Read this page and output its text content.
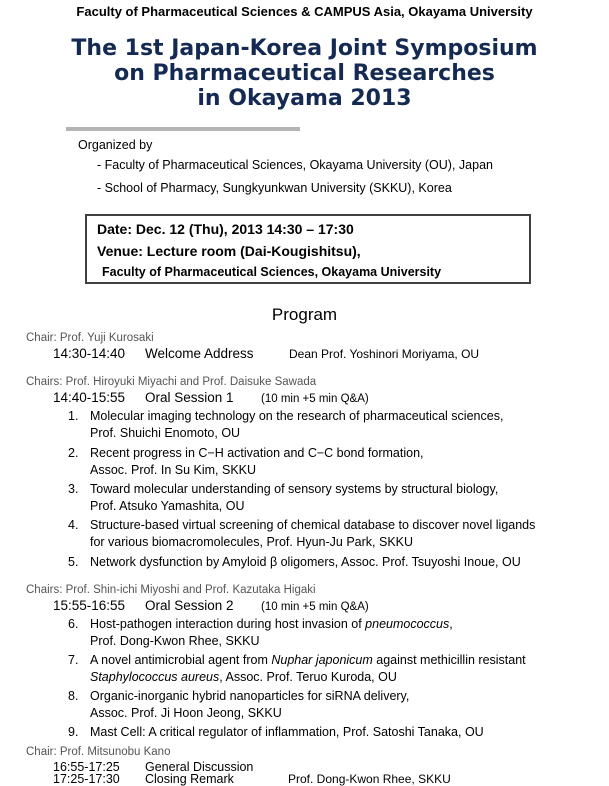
Faculty of Pharmaceutical Sciences & CAMPUS Asia, Okayama University
The 1st Japan-Korea Joint Symposium
on Pharmaceutical Researches
in Okayama 2013
Organized by
- Faculty of Pharmaceutical Sciences, Okayama University (OU), Japan
- School of Pharmacy, Sungkyunkwan University (SKKU), Korea
Date: Dec. 12 (Thu), 2013 14:30 – 17:30
Venue: Lecture room (Dai-Kougishitsu),
Faculty of Pharmaceutical Sciences, Okayama University
Program
Chair: Prof. Yuji Kurosaki
14:30-14:40 Welcome Address	Dean Prof. Yoshinori Moriyama, OU
Chairs: Prof. Hiroyuki Miyachi and Prof. Daisuke Sawada
14:40-15:55 Oral Session 1 (10 min +5 min Q&A)
1. Molecular imaging technology on the research of pharmaceutical sciences,
Prof. Shuichi Enomoto, OU
2. Recent progress in C−H activation and C−C bond formation,
Assoc. Prof. In Su Kim, SKKU
3. Toward molecular understanding of sensory systems by structural biology,
Prof. Atsuko Yamashita, OU
4. Structure-based virtual screening of chemical database to discover novel ligands
for various biomacromolecules, Prof. Hyun-Ju Park, SKKU
5. Network dysfunction by Amyloid β oligomers, Assoc. Prof. Tsuyoshi Inoue, OU
Chairs: Prof. Shin-ichi Miyoshi and Prof. Kazutaka Higaki
15:55-16:55 Oral Session 2 (10 min +5 min Q&A)
6. Host-pathogen interaction during host invasion of pneumococcus,
Prof. Dong-Kwon Rhee, SKKU
7. A novel antimicrobial agent from Nuphar japonicum against methicillin resistant
Staphylococcus aureus, Assoc. Prof. Teruo Kuroda, OU
8. Organic-inorganic hybrid nanoparticles for siRNA delivery,
Assoc. Prof. Ji Hoon Jeong, SKKU
9. Mast Cell: A critical regulator of inflammation, Prof. Satoshi Tanaka, OU
Chair: Prof. Mitsunobu Kano
16:55-17:25 General Discussion
17:25-17:30 Closing Remark	Prof. Dong-Kwon Rhee, SKKU
